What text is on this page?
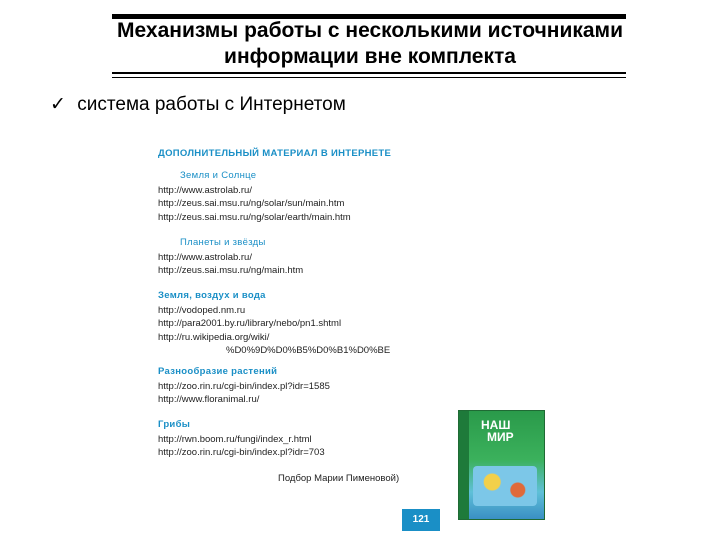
Механизмы работы с несколькими источниками
информации вне комплекта
✓ система работы с Интернетом

ДОПОЛНИТЕЛЬНЫЙ МАТЕРИАЛ В ИНТЕРНЕТЕ

Земля и Солнце

http://www.astrolab.ru/

http://zeus.sai.msu.ru/ng/solar/sun/main.htm

http://zeus.sai.msu.ru/ng/solar/earth/main.htm

Планеты и звёзды

http://www.astrolab.ru/

http://zeus.sai.msu.ru/ng/main.htm

Земля, воздух и вода

http://vodoped.nm.ru

http://para2001.by.ru/library/nebo/pn1.shtml

http://ru.wikipedia.org/wiki/

%D0%9D%D0%B5%D0%B1%D0%BE

Разнообразие растений

http://zoo.rin.ru/cgi-bin/index.pl?idr=1585

http://www.floranimal.ru/

Грибы

http://rwn.boom.ru/fungi/index_r.html

http://zoo.rin.ru/cgi-bin/index.pl?idr=703

Подбор Марии Пименовой)

НАШ
МИР
121
